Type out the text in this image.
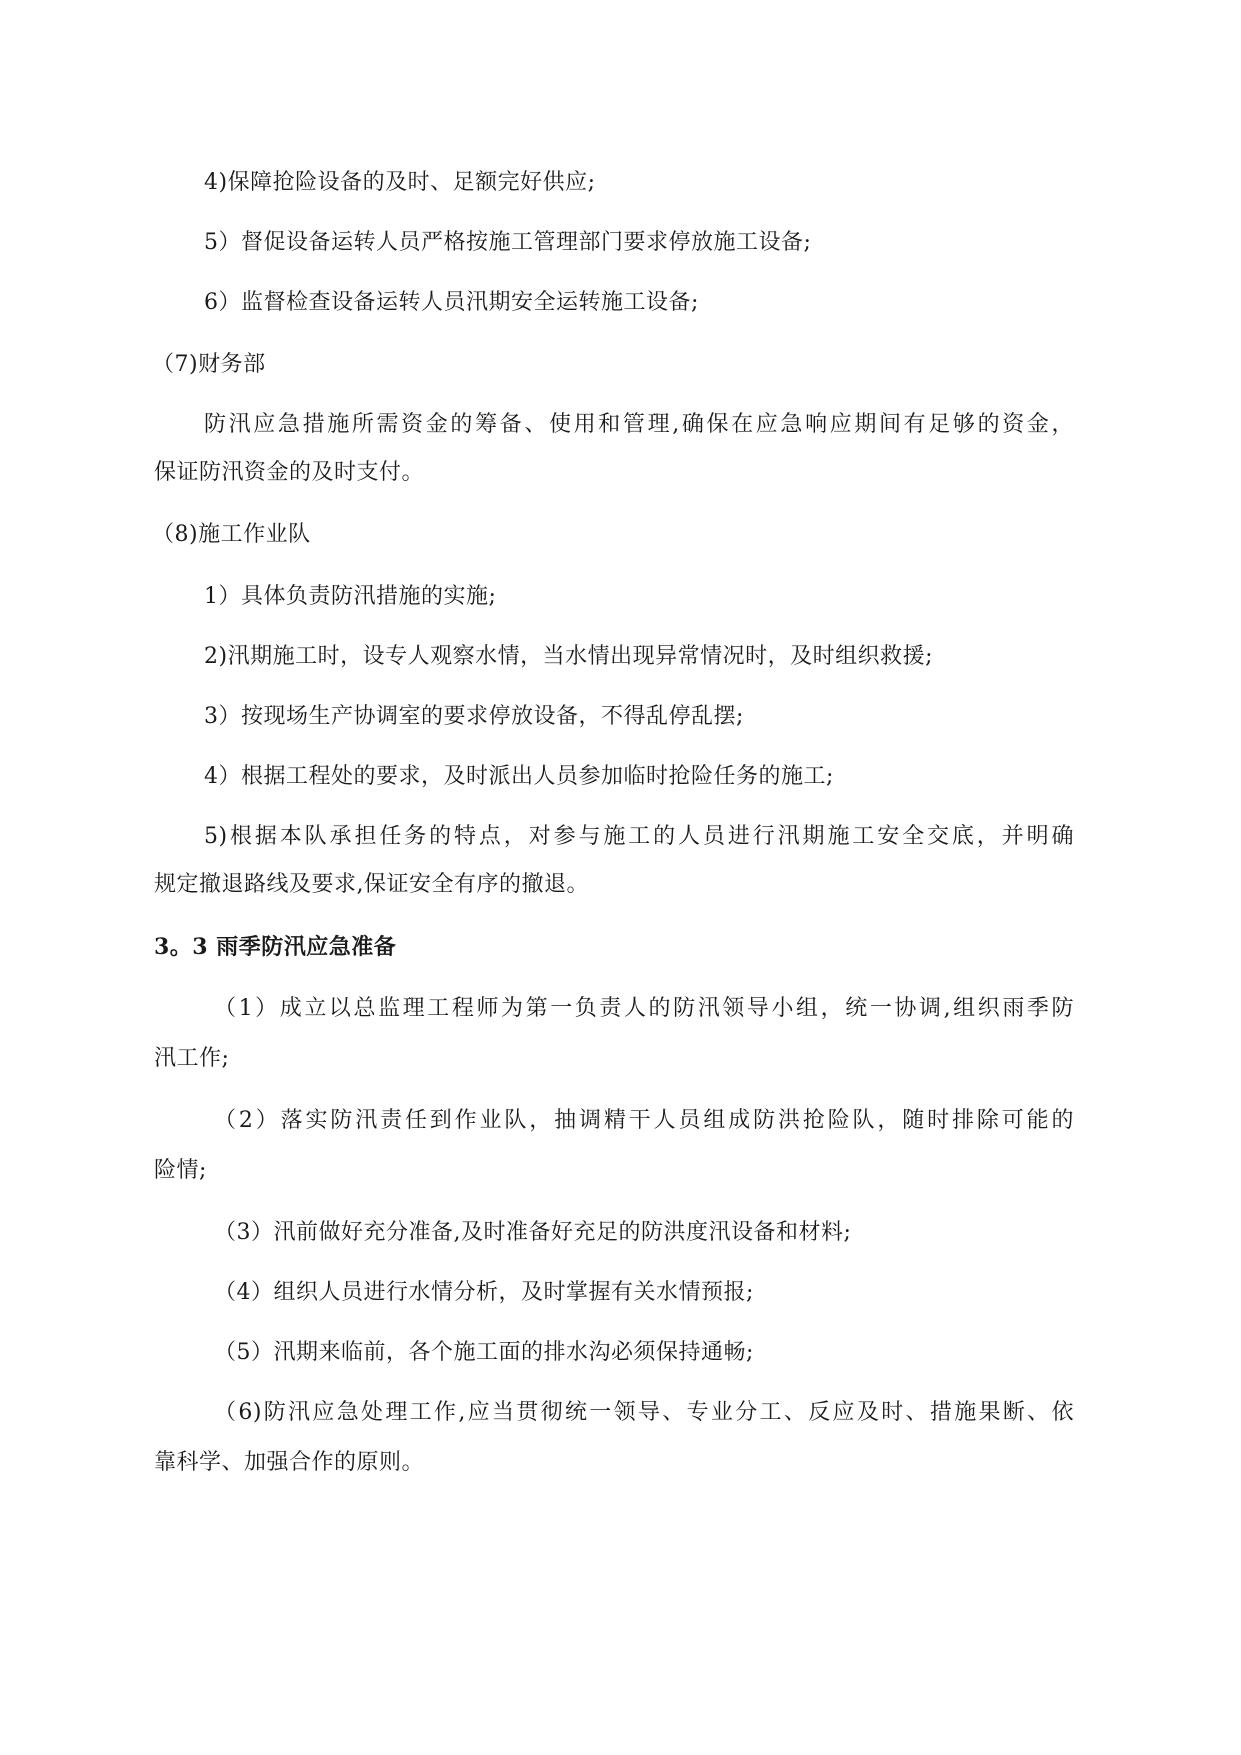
4)保障抢险设备的及时、足额完好供应;
5）督促设备运转人员严格按施工管理部门要求停放施工设备;
6）监督检查设备运转人员汛期安全运转施工设备;
（7)财务部
防汛应急措施所需资金的筹备、使用和管理,确保在应急响应期间有足够的资金，
保证防汛资金的及时支付。
（8)施工作业队
1）具体负责防汛措施的实施;
2)汛期施工时，设专人观察水情，当水情出现异常情况时，及时组织救援;
3）按现场生产协调室的要求停放设备，不得乱停乱摆;
4）根据工程处的要求，及时派出人员参加临时抢险任务的施工;
5)根据本队承担任务的特点，对参与施工的人员进行汛期施工安全交底，并明确
规定撤退路线及要求,保证安全有序的撤退。
3。3 雨季防汛应急准备
（1）成立以总监理工程师为第一负责人的防汛领导小组，统一协调,组织雨季防
汛工作;
（2）落实防汛责任到作业队，抽调精干人员组成防洪抢险队，随时排除可能的
险情;
（3）汛前做好充分准备,及时准备好充足的防洪度汛设备和材料;
（4）组织人员进行水情分析，及时掌握有关水情预报;
（5）汛期来临前，各个施工面的排水沟必须保持通畅;
（6)防汛应急处理工作,应当贯彻统一领导、专业分工、反应及时、措施果断、依
靠科学、加强合作的原则。
